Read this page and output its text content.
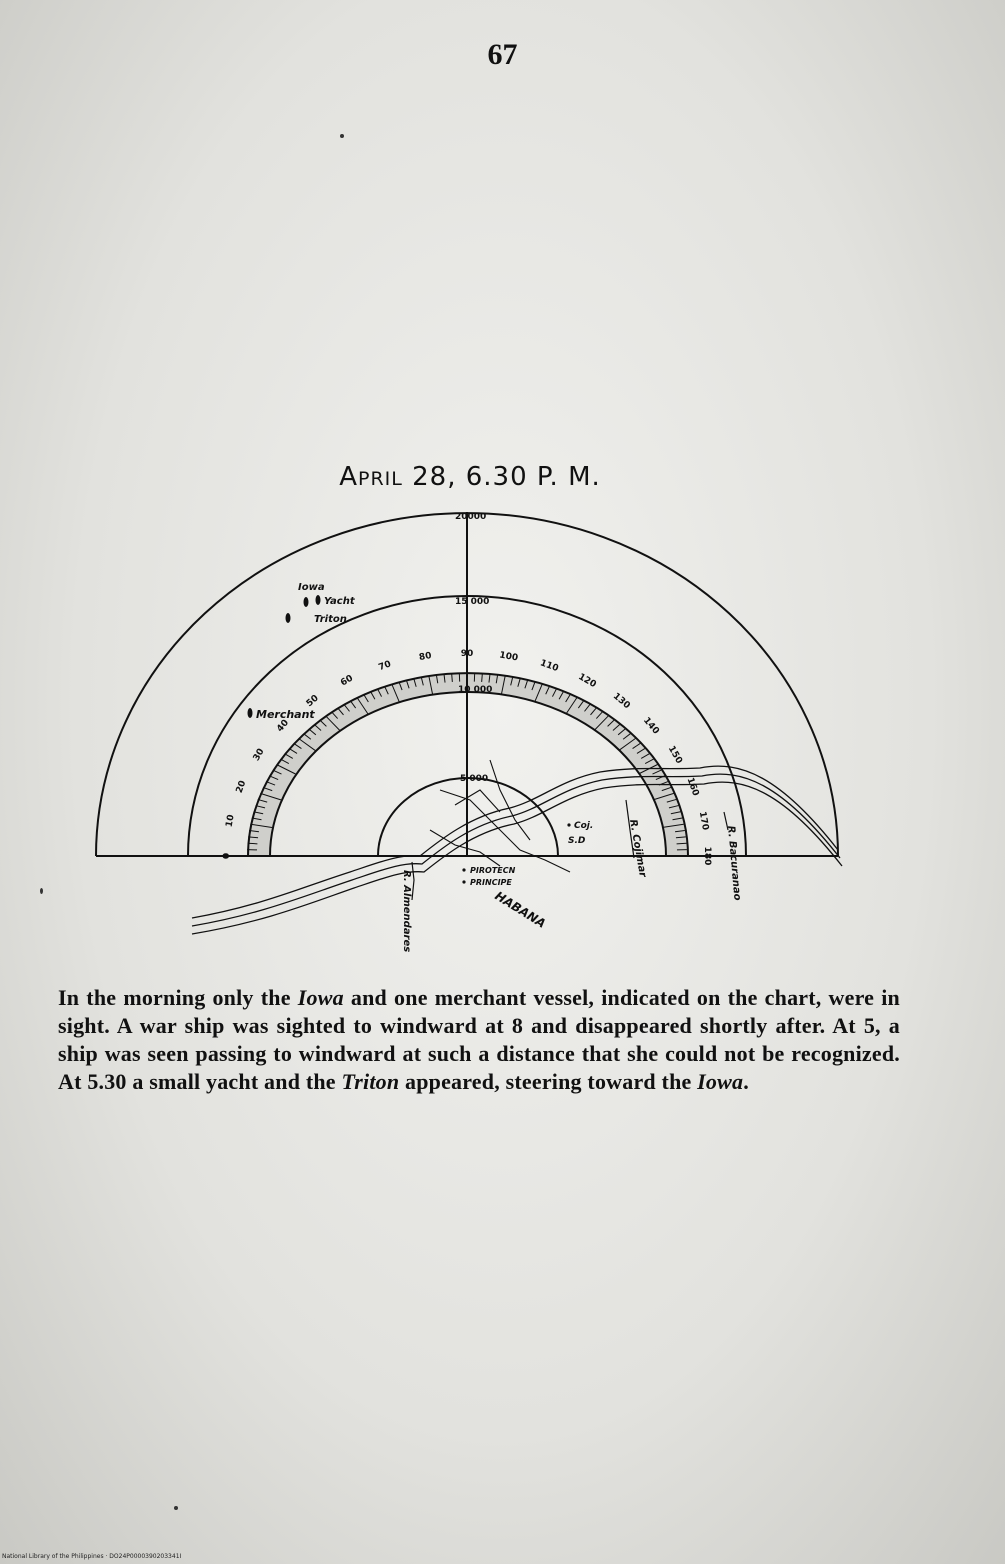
67
APRIL 28, 6.30 P. M.
20000
15 000
10 000
5 000
0
10
20
30
40
50
60
70
80	90	100
110
120
130
140
150
160
170
180
Iowa
Yacht
Triton
Merchant
R. Almendares
R. Cojimar	R. Bacuranao
PIROTECN
PRINCIPE
HABANA
Coj.
S.D
In the morning only the Iowa and one merchant vessel, indicated on the chart, were in sight. A war ship was sighted to windward at 8 and disappeared shortly after. At 5, a ship was seen passing to windward at such a distance that she could not be recognized. At 5.30 a small yacht and the Triton appeared, steering toward the Iowa.
National Library of the Philippines · DO24P0000390203341I
